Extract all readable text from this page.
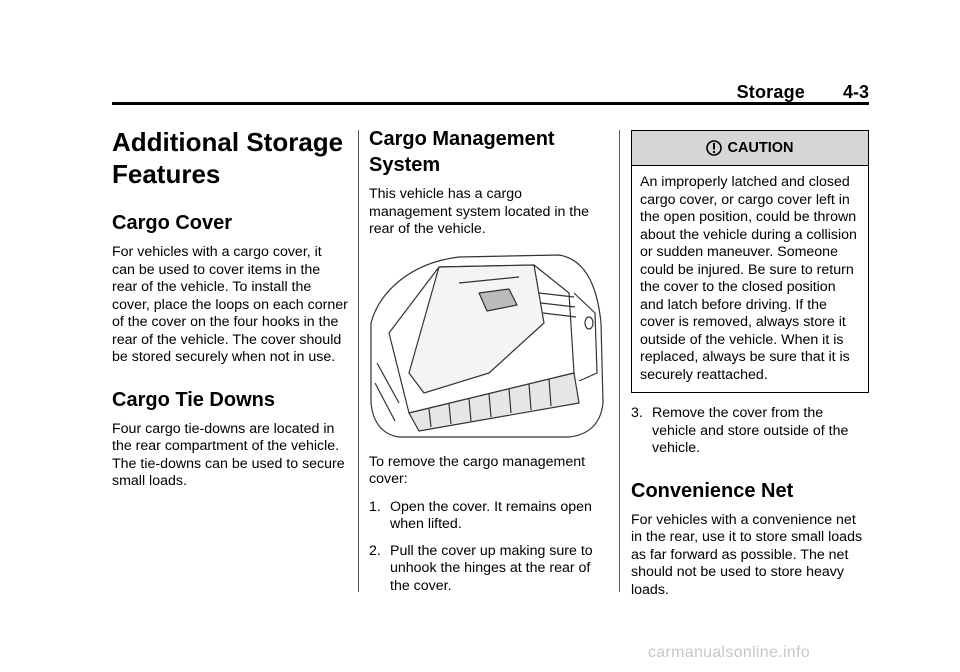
Storage 4-3
Additional Storage
Features
Cargo Cover

For vehicles with a cargo cover, it can be used to cover items in the rear of the vehicle. To install the cover, place the loops on each corner of the cover on the four hooks in the rear of the vehicle. The cover should be stored securely when not in use.

Cargo Tie Downs

Four cargo tie-downs are located in the rear compartment of the vehicle. The tie-downs can be used to secure small loads.

Cargo Management
System

This vehicle has a cargo management system located in the rear of the vehicle.

To remove the cargo management cover:

1. Open the cover. It remains open when lifted.

2. Pull the cover up making sure to unhook the hinges at the rear of the cover.

CAUTION
An improperly latched and closed cargo cover, or cargo cover left in the open position, could be thrown about the vehicle during a collision or sudden maneuver. Someone could be injured. Be sure to return the cover to the closed position and latch before driving. If the cover is removed, always store it outside of the vehicle. When it is replaced, always be sure that it is securely reattached.

3. Remove the cover from the vehicle and store outside of the vehicle.

Convenience Net

For vehicles with a convenience net in the rear, use it to store small loads as far forward as possible. The net should not be used to store heavy loads.

carmanualsonline.info
